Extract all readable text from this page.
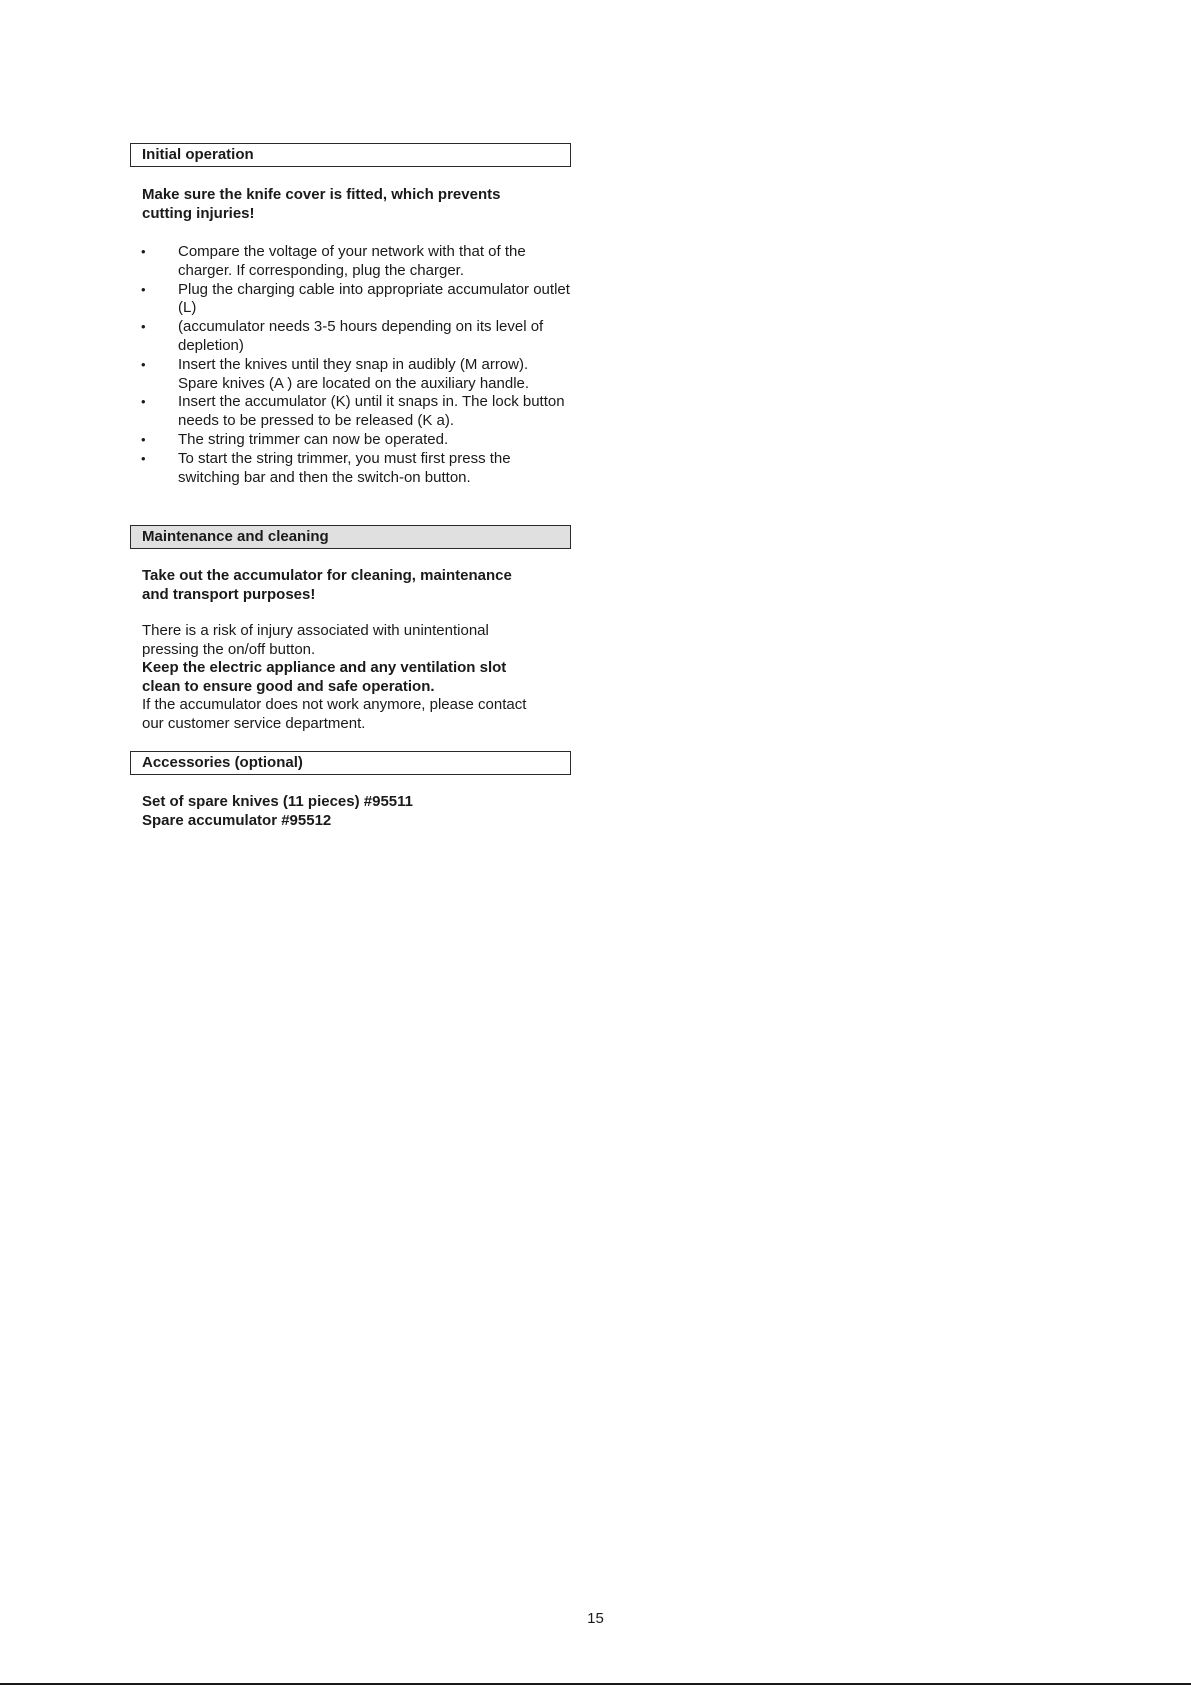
Initial operation
Make sure the knife cover is fitted, which prevents
cutting injuries!
• Compare the voltage of your network with that of the charger. If corresponding, plug the charger.
• Plug the charging cable into appropriate accumulator outlet (L)
• (accumulator needs 3-5 hours depending on its level of depletion)
• Insert the knives until they snap in audibly (M arrow). Spare knives (A ) are located on the auxiliary handle.
• Insert the accumulator (K) until it snaps in. The lock button needs to be pressed to be released (K a).
• The string trimmer can now be operated.
• To start the string trimmer, you must first press the switching bar and then the switch-on button.
Maintenance and cleaning
Take out the accumulator for cleaning, maintenance
and transport purposes!
There is a risk of injury associated with unintentional
pressing the on/off button.
Keep the electric appliance and any ventilation slot
clean to ensure good and safe operation.
If the accumulator does not work anymore, please contact
our customer service department.
Accessories (optional)
Set of spare knives (11 pieces) #95511
Spare accumulator #95512
15
